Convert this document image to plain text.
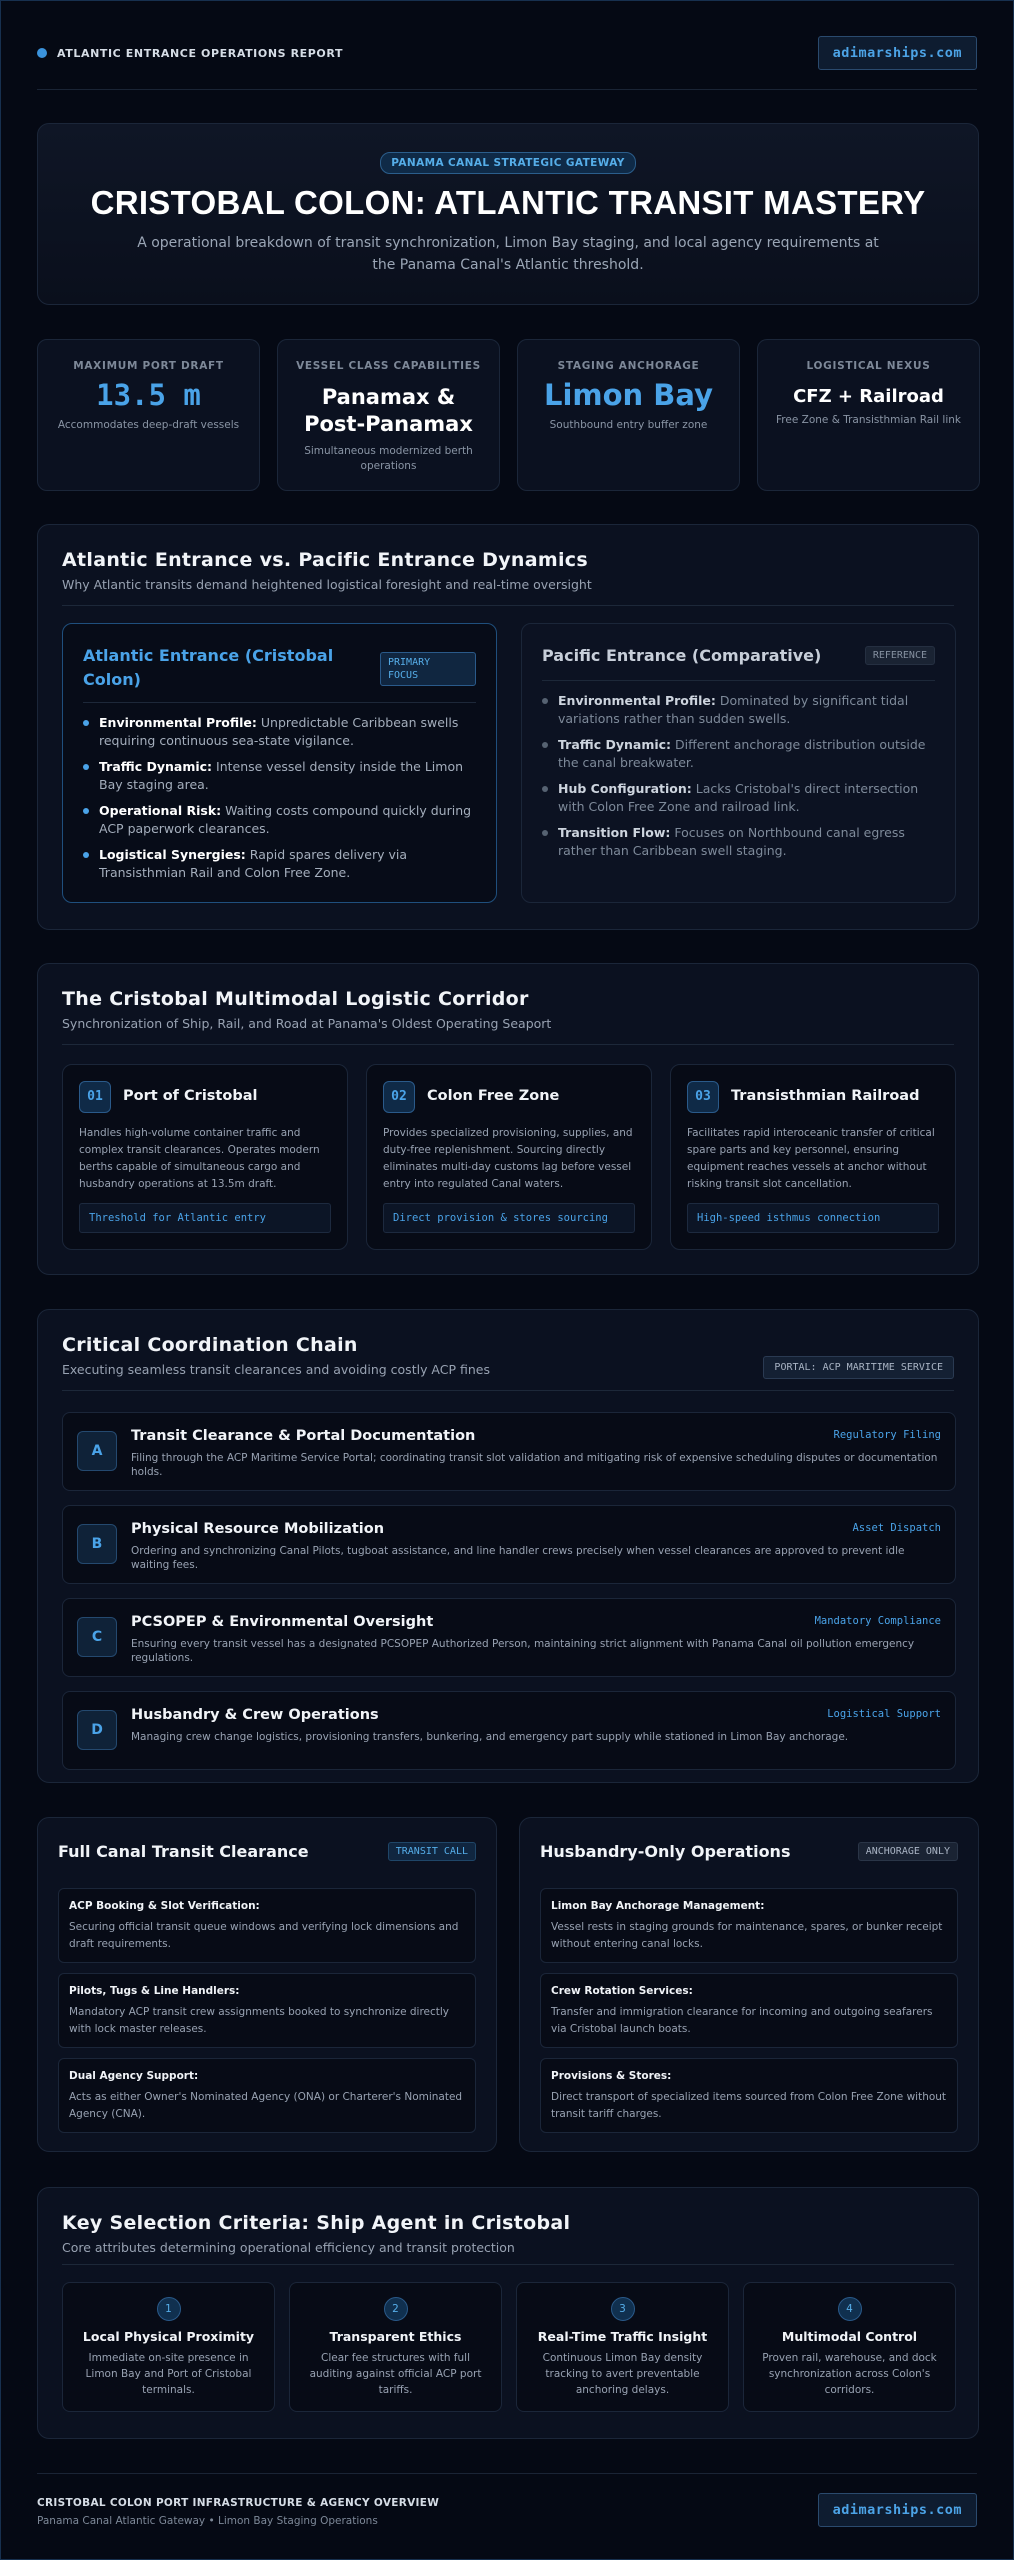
ATLANTIC ENTRANCE OPERATIONS REPORT	adimarships.com
PANAMA CANAL STRATEGIC GATEWAY
CRISTOBAL COLON: ATLANTIC TRANSIT MASTERY

A operational breakdown of transit synchronization, Limon Bay staging, and local agency requirements at the Panama Canal's Atlantic threshold.

MAXIMUM PORT DRAFT
13.5 m
Accommodates deep-draft vessels
VESSEL CLASS CAPABILITIES
Panamax &
Post-Panamax
Simultaneous modernized berth operations
STAGING ANCHORAGE
Limon Bay
Southbound entry buffer zone
LOGISTICAL NEXUS
CFZ + Railroad
Free Zone & Transisthmian Rail link
Atlantic Entrance vs. Pacific Entrance Dynamics
Why Atlantic transits demand heightened logistical foresight and real-time oversight
Atlantic Entrance (Cristobal Colon)
PRIMARY
FOCUS
Environmental Profile: Unpredictable Caribbean swells requiring continuous sea-state vigilance.
Traffic Dynamic: Intense vessel density inside the Limon Bay staging area.
Operational Risk: Waiting costs compound quickly during ACP paperwork clearances.
Logistical Synergies: Rapid spares delivery via Transisthmian Rail and Colon Free Zone.
Pacific Entrance (Comparative)	REFERENCE
Environmental Profile: Dominated by significant tidal variations rather than sudden swells.
Traffic Dynamic: Different anchorage distribution outside the canal breakwater.
Hub Configuration: Lacks Cristobal's direct intersection with Colon Free Zone and railroad link.
Transition Flow: Focuses on Northbound canal egress rather than Caribbean swell staging.
The Cristobal Multimodal Logistic Corridor
Synchronization of Ship, Rail, and Road at Panama's Oldest Operating Seaport
01	Port of Cristobal
Handles high-volume container traffic and complex transit clearances. Operates modern berths capable of simultaneous cargo and husbandry operations at 13.5m draft.
Threshold for Atlantic entry
02	Colon Free Zone
Provides specialized provisioning, supplies, and duty-free replenishment. Sourcing directly eliminates multi-day customs lag before vessel entry into regulated Canal waters.
Direct provision & stores sourcing
03	Transisthmian Railroad
Facilitates rapid interoceanic transfer of critical spare parts and key personnel, ensuring equipment reaches vessels at anchor without risking transit slot cancellation.
High-speed isthmus connection
Critical Coordination Chain
Executing seamless transit clearances and avoiding costly ACP fines	PORTAL: ACP MARITIME SERVICE
A
Transit Clearance & Portal Documentation	Regulatory Filing
Filing through the ACP Maritime Service Portal; coordinating transit slot validation and mitigating risk of expensive scheduling disputes or documentation holds.
B
Physical Resource Mobilization	Asset Dispatch
Ordering and synchronizing Canal Pilots, tugboat assistance, and line handler crews precisely when vessel clearances are approved to prevent idle waiting fees.
C
PCSOPEP & Environmental Oversight	Mandatory Compliance
Ensuring every transit vessel has a designated PCSOPEP Authorized Person, maintaining strict alignment with Panama Canal oil pollution emergency regulations.
D
Husbandry & Crew Operations	Logistical Support
Managing crew change logistics, provisioning transfers, bunkering, and emergency part supply while stationed in Limon Bay anchorage.
Full Canal Transit Clearance	TRANSIT CALL
ACP Booking & Slot Verification:
Securing official transit queue windows and verifying lock dimensions and draft requirements.
Pilots, Tugs & Line Handlers:
Mandatory ACP transit crew assignments booked to synchronize directly with lock master releases.
Dual Agency Support:
Acts as either Owner's Nominated Agency (ONA) or Charterer's Nominated Agency (CNA).
Husbandry-Only Operations	ANCHORAGE ONLY
Limon Bay Anchorage Management:
Vessel rests in staging grounds for maintenance, spares, or bunker receipt without entering canal locks.
Crew Rotation Services:
Transfer and immigration clearance for incoming and outgoing seafarers via Cristobal launch boats.
Provisions & Stores:
Direct transport of specialized items sourced from Colon Free Zone without transit tariff charges.
Key Selection Criteria: Ship Agent in Cristobal
Core attributes determining operational efficiency and transit protection
1
Local Physical Proximity
Immediate on-site presence in Limon Bay and Port of Cristobal terminals.
2
Transparent Ethics
Clear fee structures with full auditing against official ACP port tariffs.
3
Real-Time Traffic Insight
Continuous Limon Bay density tracking to avert preventable anchoring delays.
4
Multimodal Control
Proven rail, warehouse, and dock synchronization across Colon's corridors.
CRISTOBAL COLON PORT INFRASTRUCTURE & AGENCY OVERVIEW
Panama Canal Atlantic Gateway • Limon Bay Staging Operations
adimarships.com
